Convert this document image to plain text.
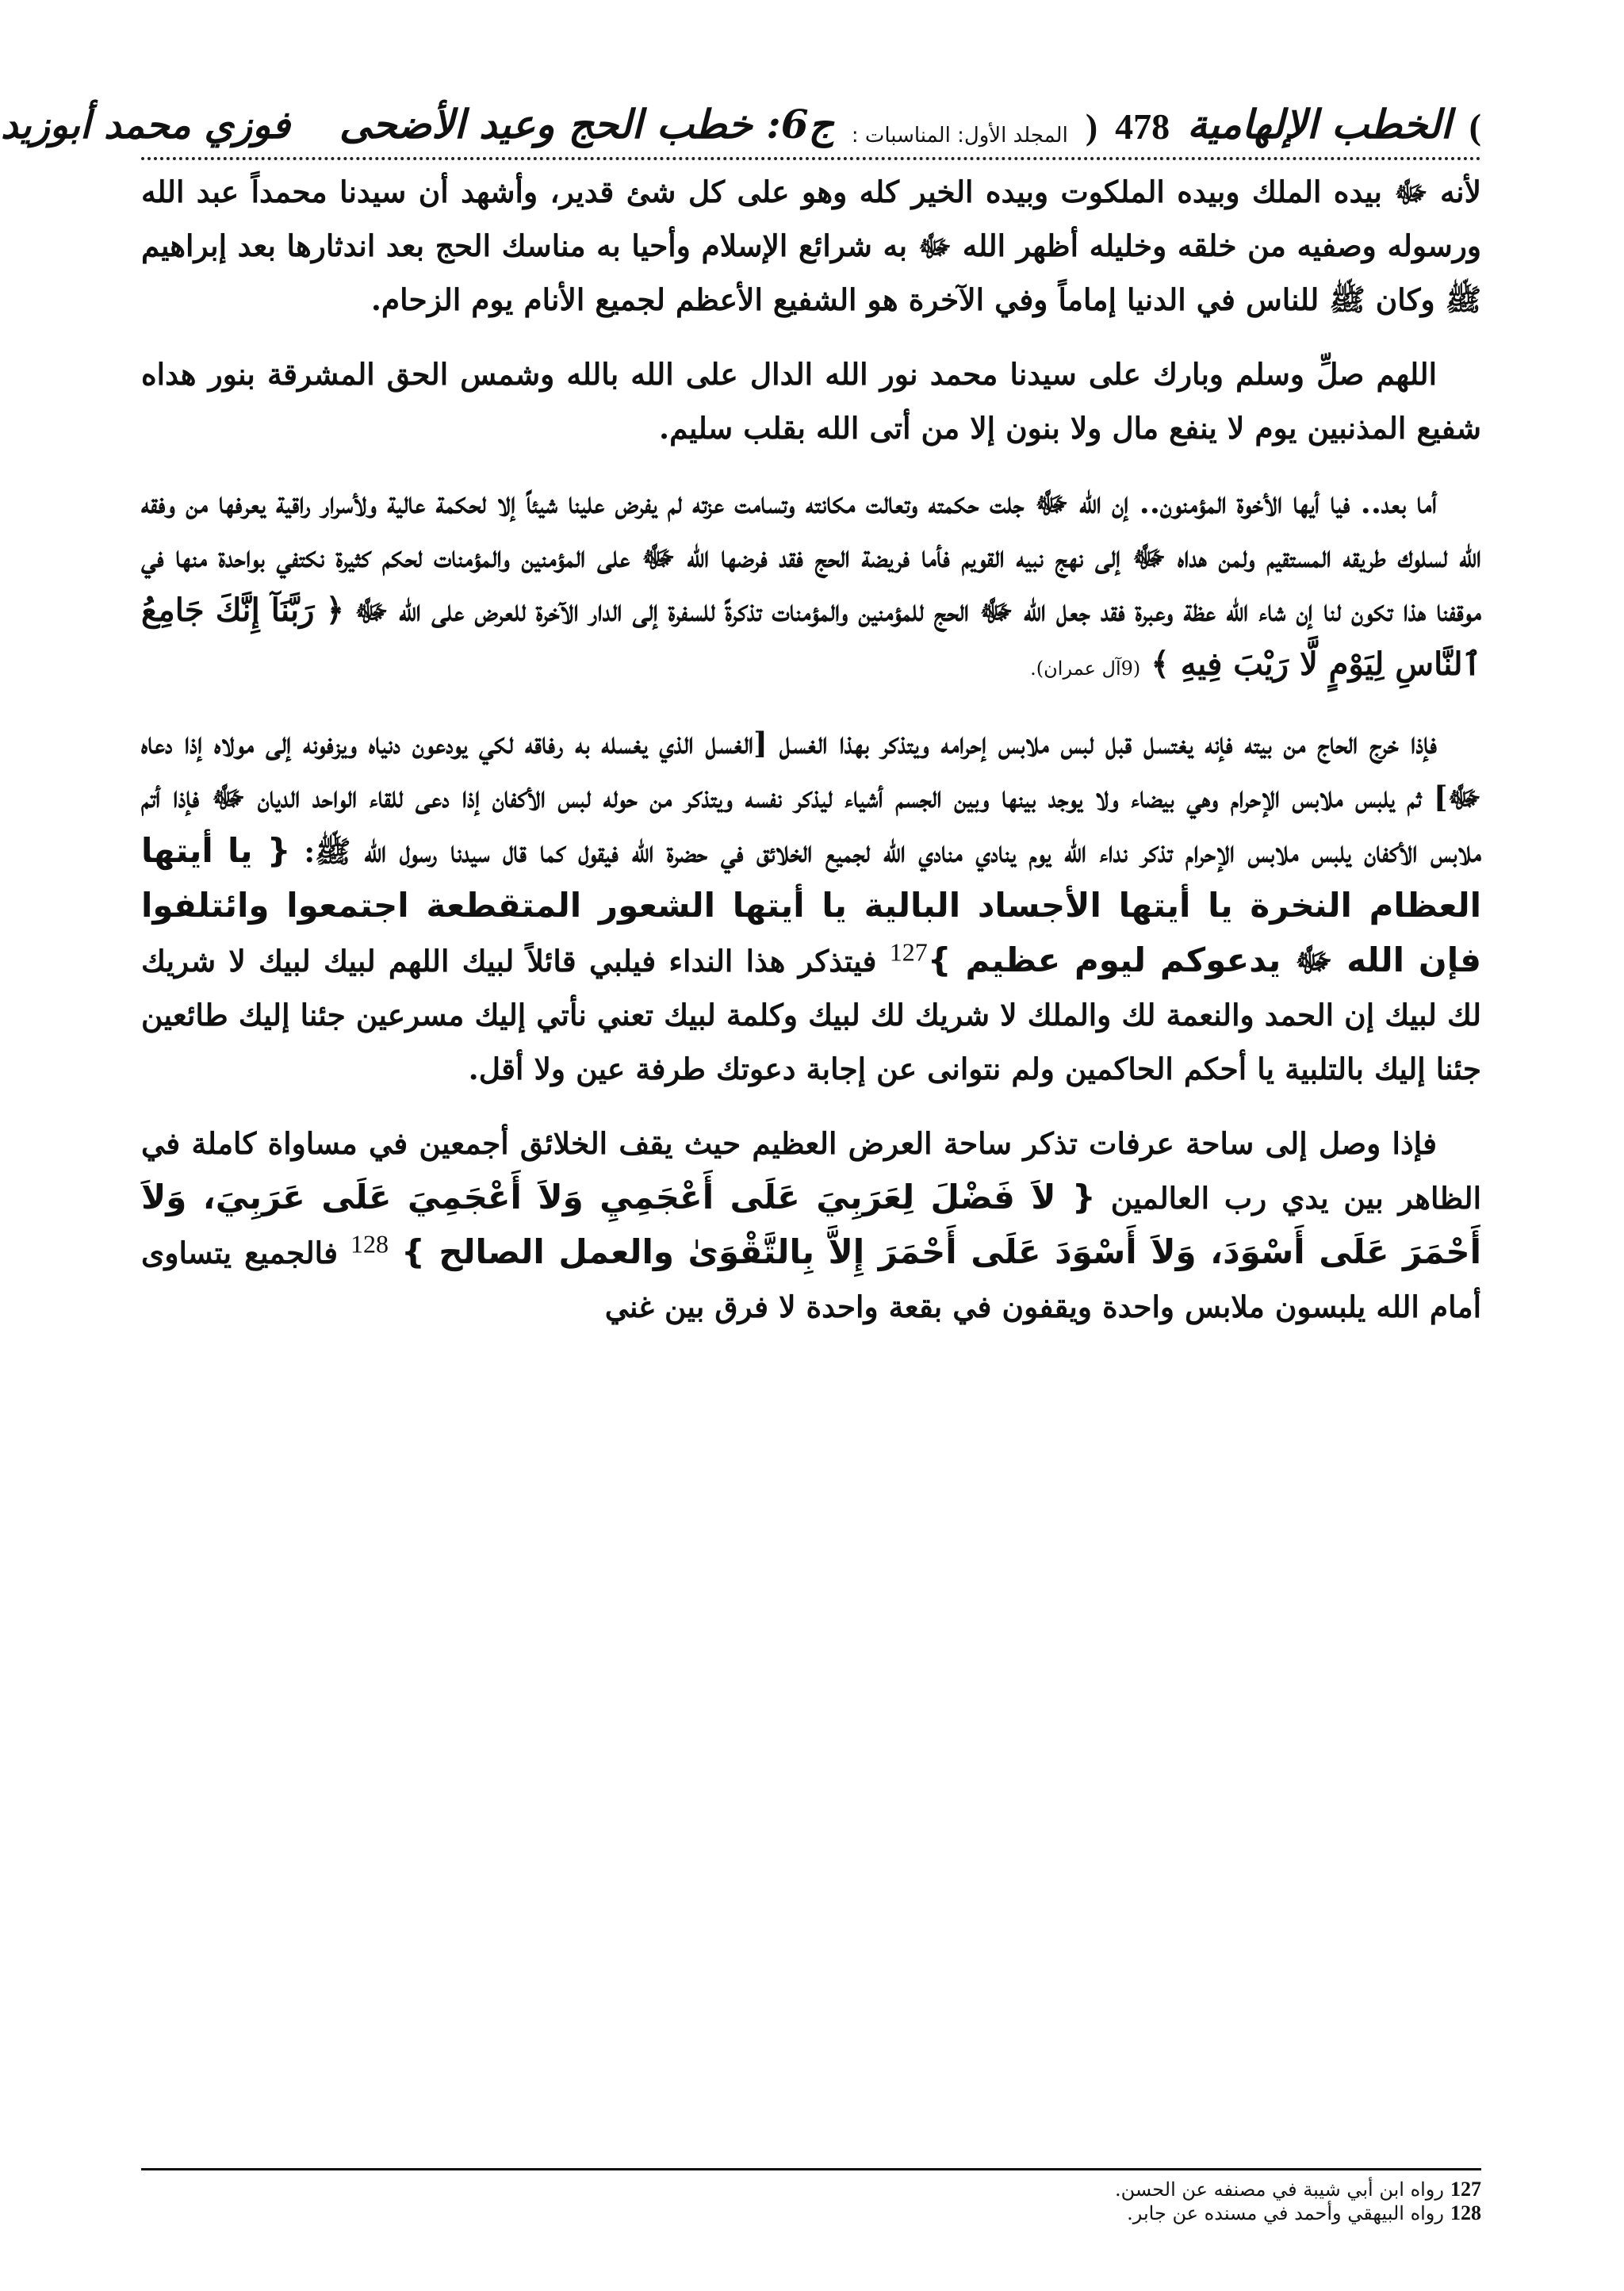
)
الخطب الإلهامية
478
(
المجلد الأول: المناسبات :
ج6: خطب الحج وعيد الأضحى
فوزي محمد أبوزيد

لأنه ﷻ بيده الملك وبيده الملكوت وبيده الخير كله وهو على كل شئ قدير، وأشهد أن سيدنا محمداً عبد الله ورسوله وصفيه من خلقه وخليله أظهر الله ﷻ به شرائع الإسلام وأحيا به مناسك الحج بعد اندثارها بعد إبراهيم ﷺ وكان ﷺ للناس في الدنيا إماماً وفي الآخرة هو الشفيع الأعظم لجميع الأنام يوم الزحام.

اللهم صلِّ وسلم وبارك على سيدنا محمد نور الله الدال على الله بالله وشمس الحق المشرقة بنور هداه شفيع المذنبين يوم لا ينفع مال ولا بنون إلا من أتى الله بقلب سليم.

أما بعد.. فيا أيها الأخوة المؤمنون.. إن الله ﷻ جلت حكمته وتعالت مكانته وتسامت عزته لم يفرض علينا شيئاً إلا لحكمة عالية ولأسرار راقية يعرفها من وفقه الله لسلوك طريقه المستقيم ولمن هداه ﷻ إلى نهج نبيه القويم فأما فريضة الحج فقد فرضها الله ﷻ على المؤمنين والمؤمنات لحكم كثيرة نكتفي بواحدة منها في موقفنا هذا تكون لنا إن شاء الله عظة وعبرة فقد جعل الله ﷻ الحج للمؤمنين والمؤمنات تذكرةً للسفرة إلى الدار الآخرة للعرض على الله ﷻ ﴿ رَبَّنَآ إِنَّكَ جَامِعُ ٱلنَّاسِ لِيَوْمٍ لَّا رَيْبَ فِيهِ ﴾ (9آل عمران).

فإذا خرج الحاج من بيته فإنه يغتسل قبل لبس ملابس إحرامه ويتذكر بهذا الغسل [الغسل الذي يغسله به رفاقه لكي يودعون دنياه ويزفونه إلى مولاه إذا دعاه ﷻ] ثم يلبس ملابس الإحرام وهي بيضاء ولا يوجد بينها وبين الجسم أشياء ليذكر نفسه ويتذكر من حوله لبس الأكفان إذا دعى للقاء الواحد الديان ﷻ فإذا أتم ملابس الأكفان يلبس ملابس الإحرام تذكر نداء الله يوم ينادي منادي الله لجميع الخلائق في حضرة الله فيقول كما قال سيدنا رسول الله ﷺ: { يا أيتها العظام النخرة يا أيتها الأجساد البالية يا أيتها الشعور المتقطعة اجتمعوا وائتلفوا فإن الله ﷻ يدعوكم ليوم عظيم }127 فيتذكر هذا النداء فيلبي قائلاً لبيك اللهم لبيك لبيك لا شريك لك لبيك إن الحمد والنعمة لك والملك لا شريك لك لبيك وكلمة لبيك تعني نأتي إليك مسرعين جئنا إليك طائعين جئنا إليك بالتلبية يا أحكم الحاكمين ولم نتوانى عن إجابة دعوتك طرفة عين ولا أقل.

فإذا وصل إلى ساحة عرفات تذكر ساحة العرض العظيم حيث يقف الخلائق أجمعين في مساواة كاملة في الظاهر بين يدي رب العالمين { لاَ فَضْلَ لِعَرَبِيَ عَلَى أَعْجَمِيِ وَلاَ أَعْجَمِيَ عَلَى عَرَبِيَ، وَلاَ أَحْمَرَ عَلَى أَسْوَدَ، وَلاَ أَسْوَدَ عَلَى أَحْمَرَ إِلاَّ بِالتَّقْوَىٰ والعمل الصالح } 128 فالجميع يتساوى أمام الله يلبسون ملابس واحدة ويقفون في بقعة واحدة لا فرق بين غني

127رواه ابن أبي شيبة في مصنفه عن الحسن.

128رواه البيهقي وأحمد في مسنده عن جابر.
